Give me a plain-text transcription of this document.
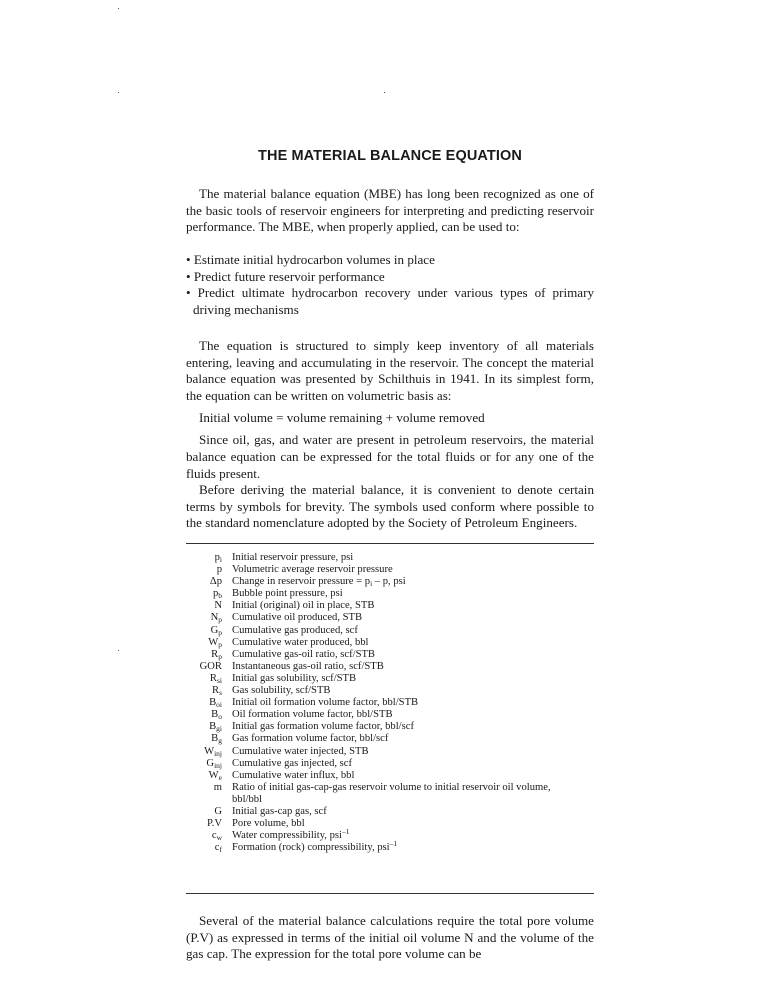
THE MATERIAL BALANCE EQUATION

The material balance equation (MBE) has long been recognized as one of the basic tools of reservoir engineers for interpreting and predicting reservoir performance. The MBE, when properly applied, can be used to:

• Estimate initial hydrocarbon volumes in place
• Predict future reservoir performance
• Predict ultimate hydrocarbon recovery under various types of primary driving mechanisms

The equation is structured to simply keep inventory of all materials entering, leaving and accumulating in the reservoir. The concept the material balance equation was presented by Schilthuis in 1941. In its simplest form, the equation can be written on volumetric basis as:

Initial volume = volume remaining + volume removed

Since oil, gas, and water are present in petroleum reservoirs, the material balance equation can be expressed for the total fluids or for any one of the fluids present.

Before deriving the material balance, it is convenient to denote certain terms by symbols for brevity. The symbols used conform where possible to the standard nomenclature adopted by the Society of Petroleum Engineers.

$p_i$ Initial reservoir pressure, psi
p Volumetric average reservoir pressure
Δp Change in reservoir pressure = $p_i$ – p, psi
$p_b$ Bubble point pressure, psi
N Initial (original) oil in place, STB
$N_p$ Cumulative oil produced, STB
$G_p$ Cumulative gas produced, scf
$W_p$ Cumulative water produced, bbl
$R_p$ Cumulative gas-oil ratio, scf/STB
GOR Instantaneous gas-oil ratio, scf/STB
$R_{si}$ Initial gas solubility, scf/STB
$R_s$ Gas solubility, scf/STB
$B_{oi}$ Initial oil formation volume factor, bbl/STB
$B_o$ Oil formation volume factor, bbl/STB
$B_{gi}$ Initial gas formation volume factor, bbl/scf
$B_g$ Gas formation volume factor, bbl/scf
$W_{inj}$ Cumulative water injected, STB
$G_{inj}$ Cumulative gas injected, scf
$W_e$ Cumulative water influx, bbl
m Ratio of initial gas-cap-gas reservoir volume to initial reservoir oil volume,
bbl/bbl
G Initial gas-cap gas, scf
P.V Pore volume, bbl
$c_w$ Water compressibility, psi$^{-1}$
$c_f$ Formation (rock) compressibility, psi$^{-1}$

Several of the material balance calculations require the total pore volume (P.V) as expressed in terms of the initial oil volume N and the volume of the gas cap. The expression for the total pore volume can be
